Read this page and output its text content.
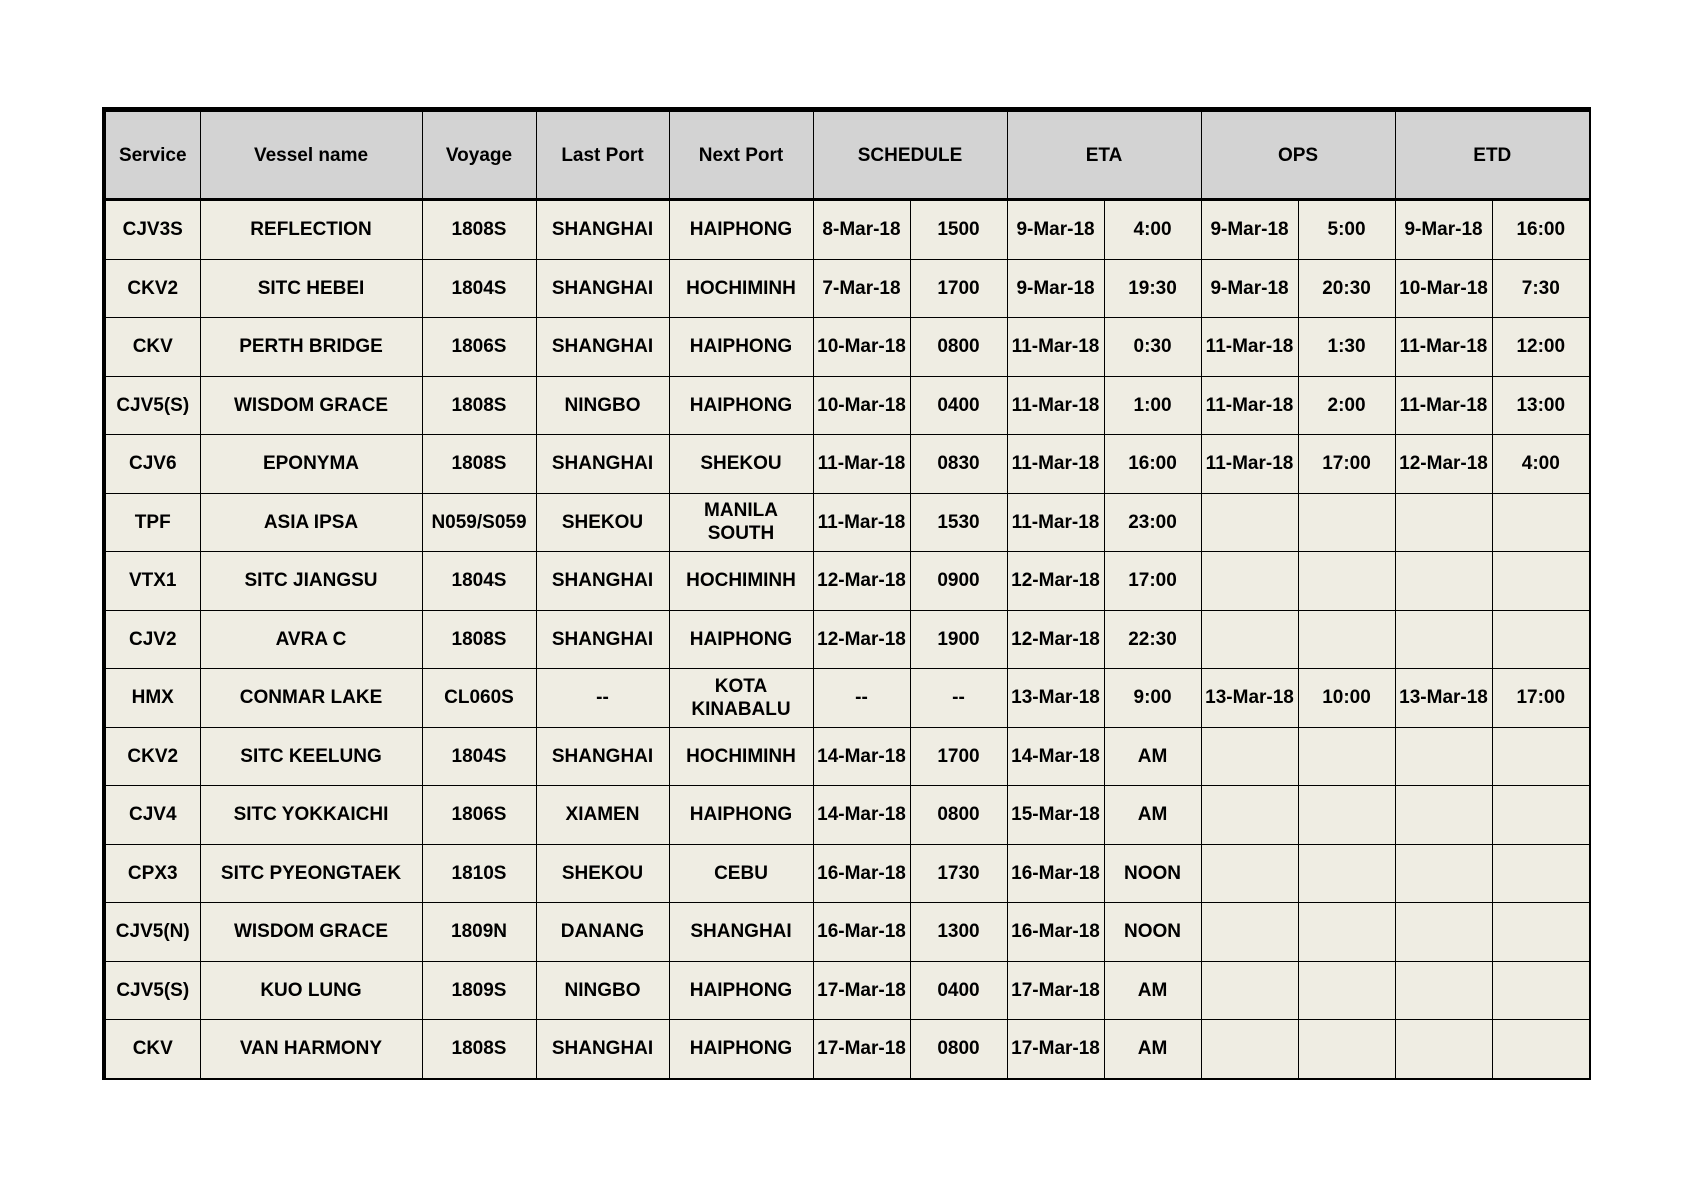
Service	Vessel name	Voyage	Last Port	Next Port	SCHEDULE		ETA		OPS		ETD	
CJV3S	REFLECTION	1808S	SHANGHAI	HAIPHONG	8-Mar-18	1500	9-Mar-18	4:00	9-Mar-18	5:00	9-Mar-18	16:00
CKV2	SITC HEBEI	1804S	SHANGHAI	HOCHIMINH	7-Mar-18	1700	9-Mar-18	19:30	9-Mar-18	20:30	10-Mar-18	7:30
CKV	PERTH BRIDGE	1806S	SHANGHAI	HAIPHONG	10-Mar-18	0800	11-Mar-18	0:30	11-Mar-18	1:30	11-Mar-18	12:00
CJV5(S)	WISDOM GRACE	1808S	NINGBO	HAIPHONG	10-Mar-18	0400	11-Mar-18	1:00	11-Mar-18	2:00	11-Mar-18	13:00
CJV6	EPONYMA	1808S	SHANGHAI	SHEKOU	11-Mar-18	0830	11-Mar-18	16:00	11-Mar-18	17:00	12-Mar-18	4:00
TPF	ASIA IPSA	N059/S059	SHEKOU	MANILA SOUTH	11-Mar-18	1530	11-Mar-18	23:00				
VTX1	SITC JIANGSU	1804S	SHANGHAI	HOCHIMINH	12-Mar-18	0900	12-Mar-18	17:00				
CJV2	AVRA C	1808S	SHANGHAI	HAIPHONG	12-Mar-18	1900	12-Mar-18	22:30				
HMX	CONMAR LAKE	CL060S	--	KOTA KINABALU	--	--	13-Mar-18	9:00	13-Mar-18	10:00	13-Mar-18	17:00
CKV2	SITC KEELUNG	1804S	SHANGHAI	HOCHIMINH	14-Mar-18	1700	14-Mar-18	AM				
CJV4	SITC YOKKAICHI	1806S	XIAMEN	HAIPHONG	14-Mar-18	0800	15-Mar-18	AM				
CPX3	SITC PYEONGTAEK	1810S	SHEKOU	CEBU	16-Mar-18	1730	16-Mar-18	NOON				
CJV5(N)	WISDOM GRACE	1809N	DANANG	SHANGHAI	16-Mar-18	1300	16-Mar-18	NOON				
CJV5(S)	KUO LUNG	1809S	NINGBO	HAIPHONG	17-Mar-18	0400	17-Mar-18	AM				
CKV	VAN HARMONY	1808S	SHANGHAI	HAIPHONG	17-Mar-18	0800	17-Mar-18	AM				
